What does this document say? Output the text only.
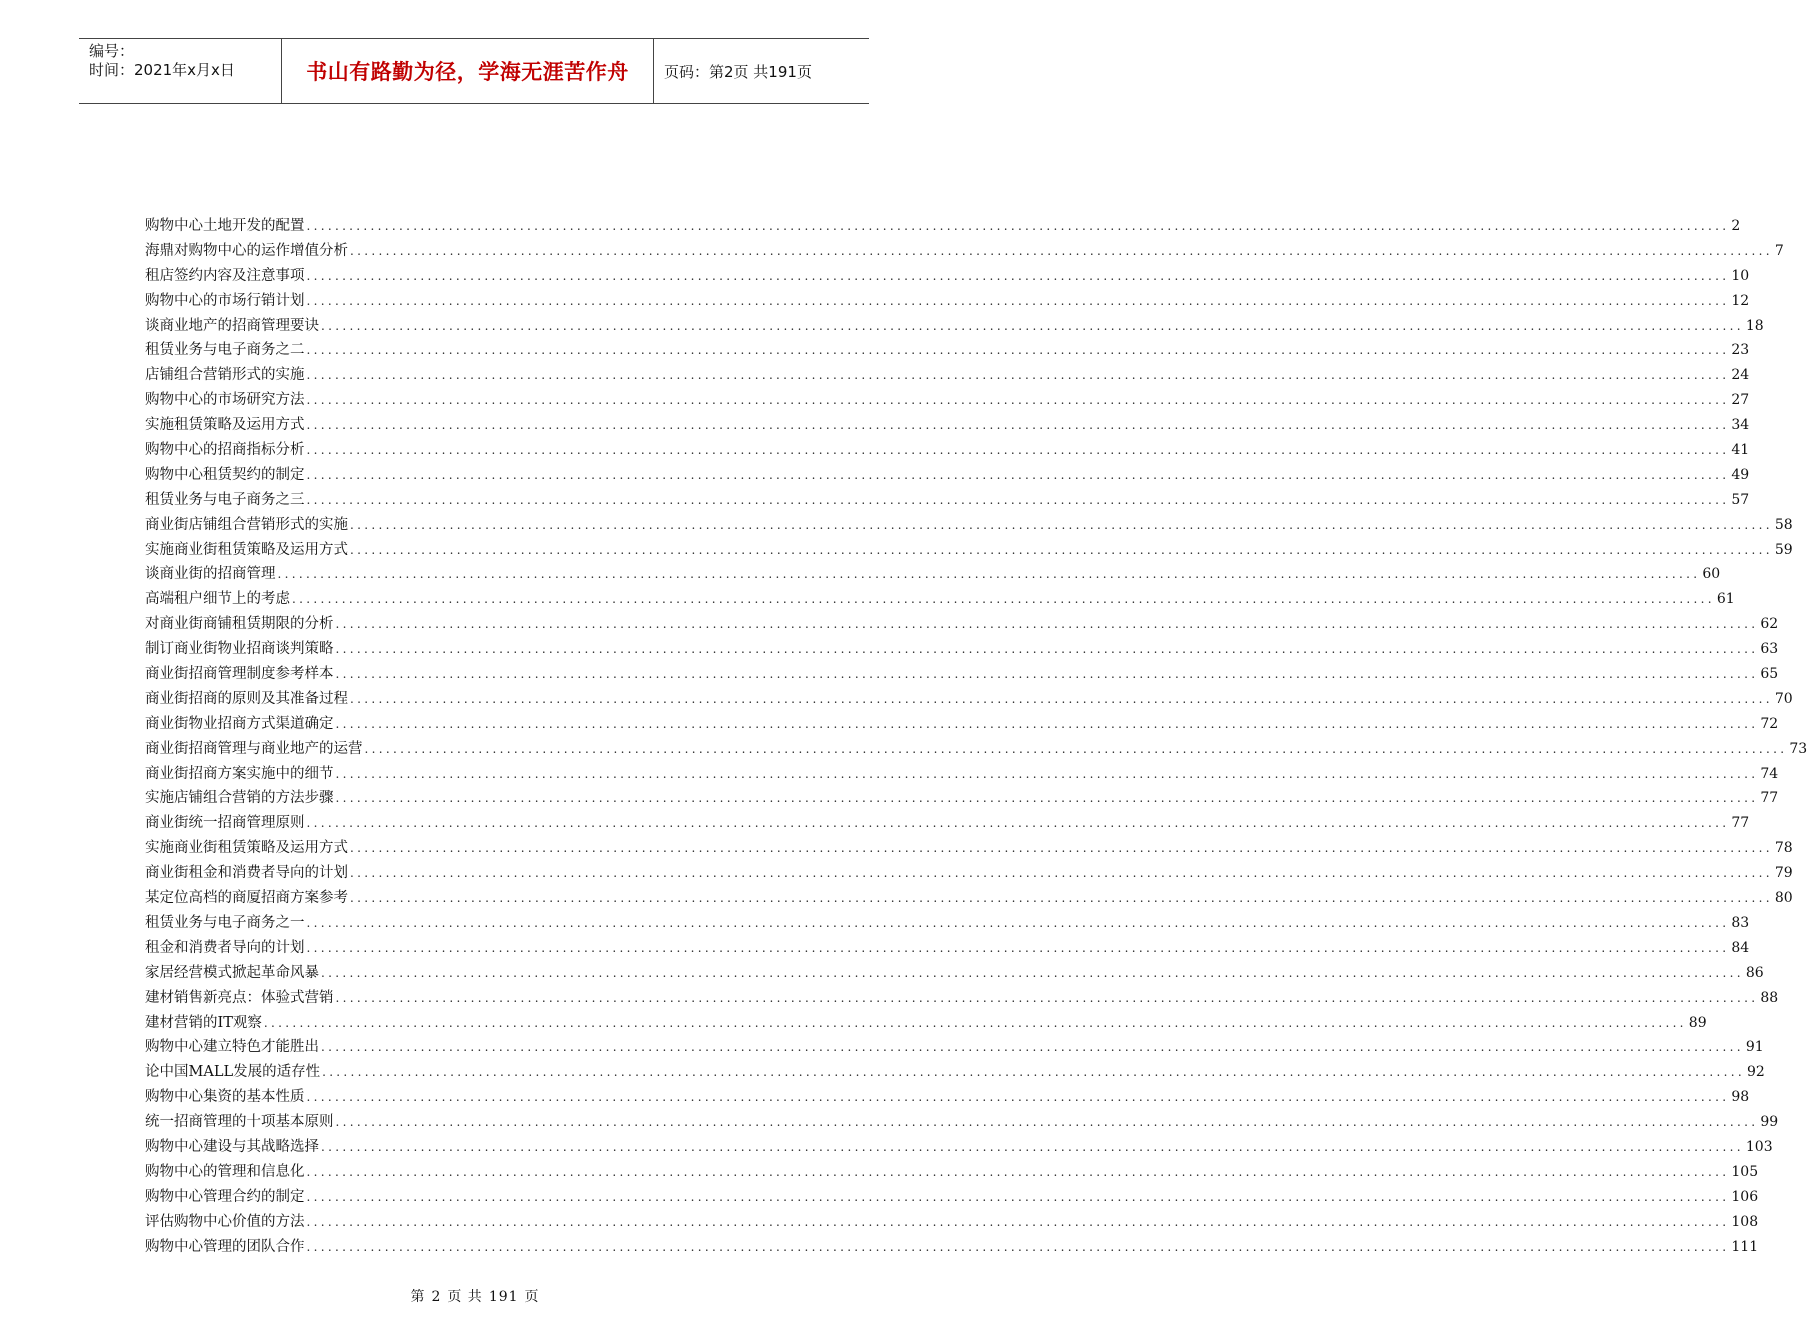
编号：
时间：2021年x月x日	书山有路勤为径，学海无涯苦作舟	页码：第2页 共191页
购物中心土地开发的配置 ........................................................................................................................................................................................................ 2
海鼎对购物中心的运作增值分析 ........................................................................................................................................................................................................ 7
租店签约内容及注意事项 ........................................................................................................................................................................................................ 10
购物中心的市场行销计划 ........................................................................................................................................................................................................ 12
谈商业地产的招商管理要诀 ........................................................................................................................................................................................................ 18
租赁业务与电子商务之二 ........................................................................................................................................................................................................ 23
店铺组合营销形式的实施 ........................................................................................................................................................................................................ 24
购物中心的市场研究方法 ........................................................................................................................................................................................................ 27
实施租赁策略及运用方式 ........................................................................................................................................................................................................ 34
购物中心的招商指标分析 ........................................................................................................................................................................................................ 41
购物中心租赁契约的制定 ........................................................................................................................................................................................................ 49
租赁业务与电子商务之三 ........................................................................................................................................................................................................ 57
商业街店铺组合营销形式的实施 ........................................................................................................................................................................................................ 58
实施商业街租赁策略及运用方式 ........................................................................................................................................................................................................ 59
谈商业街的招商管理 ........................................................................................................................................................................................................ 60
高端租户细节上的考虑 ........................................................................................................................................................................................................ 61
对商业街商铺租赁期限的分析 ........................................................................................................................................................................................................ 62
制订商业街物业招商谈判策略 ........................................................................................................................................................................................................ 63
商业街招商管理制度参考样本 ........................................................................................................................................................................................................ 65
商业街招商的原则及其准备过程 ........................................................................................................................................................................................................ 70
商业街物业招商方式渠道确定 ........................................................................................................................................................................................................ 72
商业街招商管理与商业地产的运营 ........................................................................................................................................................................................................ 73
商业街招商方案实施中的细节 ........................................................................................................................................................................................................ 74
实施店铺组合营销的方法步骤 ........................................................................................................................................................................................................ 77
商业街统一招商管理原则 ........................................................................................................................................................................................................ 77
实施商业街租赁策略及运用方式 ........................................................................................................................................................................................................ 78
商业街租金和消费者导向的计划 ........................................................................................................................................................................................................ 79
某定位高档的商厦招商方案参考 ........................................................................................................................................................................................................ 80
租赁业务与电子商务之一 ........................................................................................................................................................................................................ 83
租金和消费者导向的计划 ........................................................................................................................................................................................................ 84
家居经营模式掀起革命风暴 ........................................................................................................................................................................................................ 86
建材销售新亮点：体验式营销 ........................................................................................................................................................................................................ 88
建材营销的IT观察 ........................................................................................................................................................................................................ 89
购物中心建立特色才能胜出 ........................................................................................................................................................................................................ 91
论中国MALL发展的适存性 ........................................................................................................................................................................................................ 92
购物中心集资的基本性质 ........................................................................................................................................................................................................ 98
统一招商管理的十项基本原则 ........................................................................................................................................................................................................ 99
购物中心建设与其战略选择 ........................................................................................................................................................................................................ 103
购物中心的管理和信息化 ........................................................................................................................................................................................................ 105
购物中心管理合约的制定 ........................................................................................................................................................................................................ 106
评估购物中心价值的方法 ........................................................................................................................................................................................................ 108
购物中心管理的团队合作 ........................................................................................................................................................................................................ 111
第 2 页 共 191 页
